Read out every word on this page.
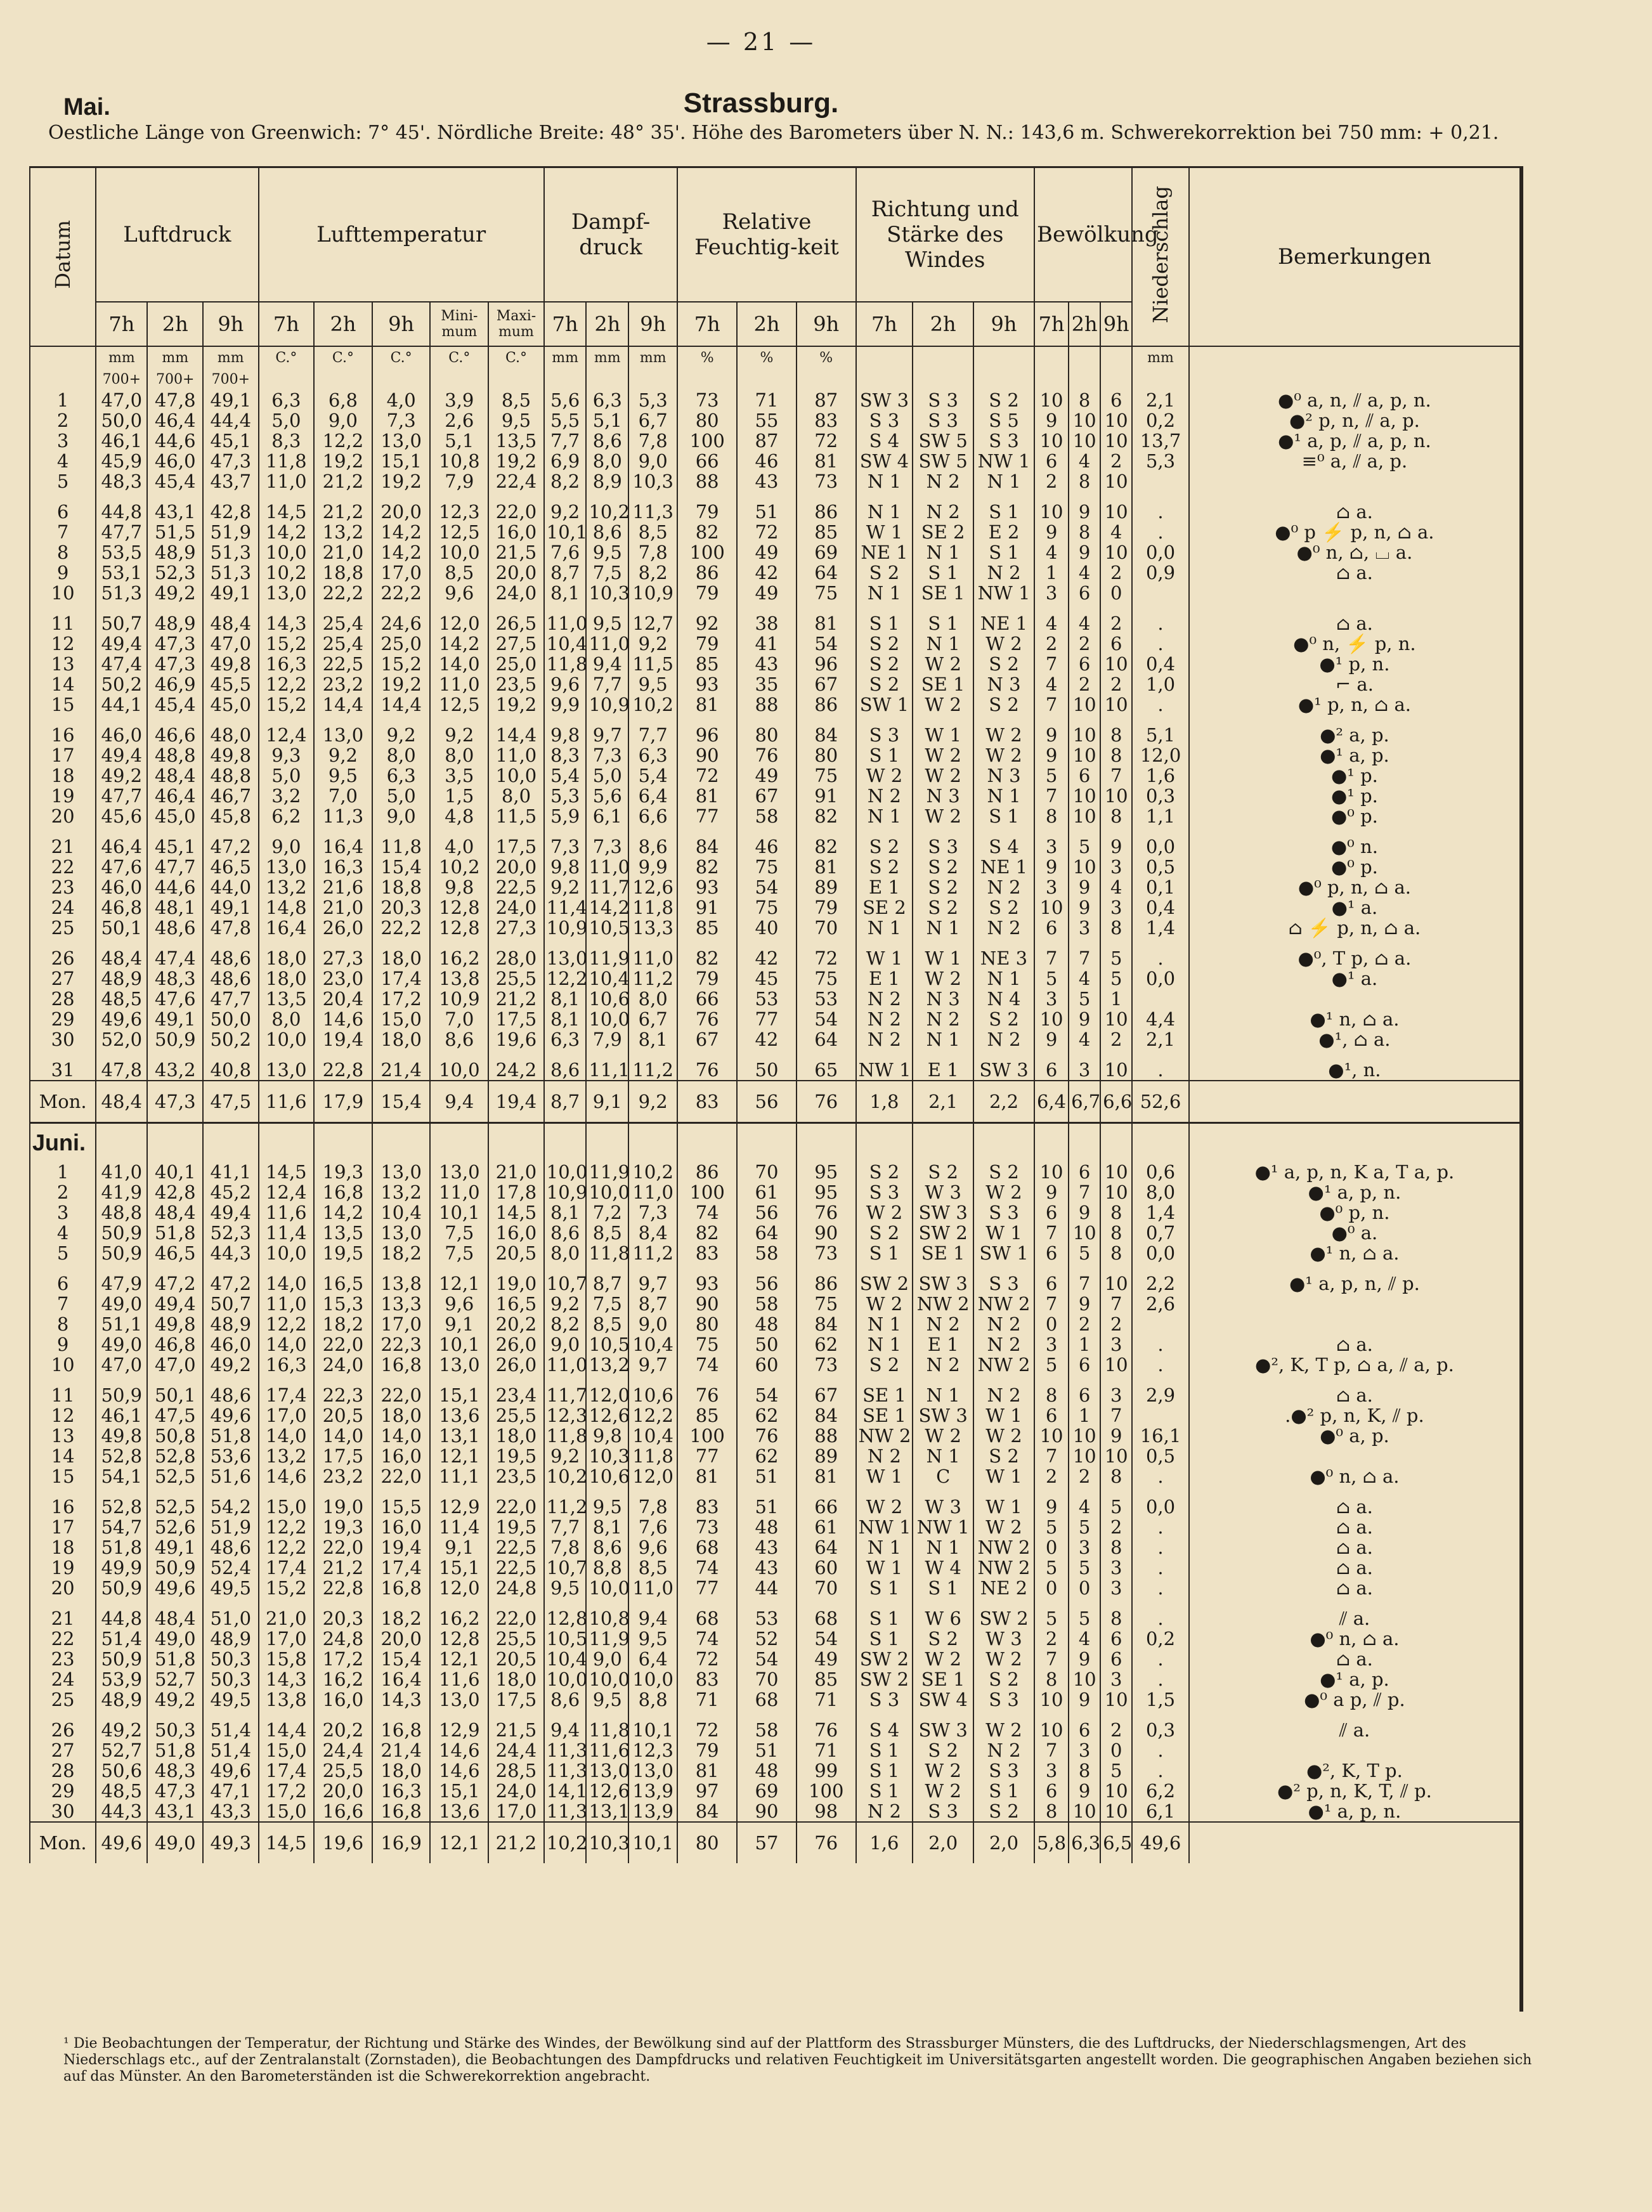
— 21 —
Mai.	Strassburg.
Oestliche Länge von Greenwich: 7° 45'. Nördliche Breite: 48° 35'. Höhe des Barometers über N. N.: 143,6 m. Schwerekorrektion bei 750 mm: + 0,21.
Datum	Luftdruck			Lufttemperatur					Dampf-druck			Relative Feuchtig-keit			Richtung und Stärke des Windes			Bewölkung			Niederschlag	Bemerkungen
	7h	2h	9h	7h	2h	9h	Mini-mum	Maxi-mum	7h	2h	9h	7h	2h	9h	7h	2h	9h	7h	2h	9h		
	mm	mm	mm	C.°	C.°	C.°	C.°	C.°	mm	mm	mm	%	%	%							mm	
	700+	700+	700+																			
1	47,0	47,8	49,1	6,3	6,8	4,0	3,9	8,5	5,6	6,3	5,3	73	71	87	SW 3	S 3	S 2	10	8	6	2,1	●⁰ a, n, ⫽ a, p, n.
2	50,0	46,4	44,4	5,0	9,0	7,3	2,6	9,5	5,5	5,1	6,7	80	55	83	S 3	S 3	S 5	9	10	10	0,2	●² p, n, ⫽ a, p.
3	46,1	44,6	45,1	8,3	12,2	13,0	5,1	13,5	7,7	8,6	7,8	100	87	72	S 4	SW 5	S 3	10	10	10	13,7	●¹ a, p, ⫽ a, p, n.
4	45,9	46,0	47,3	11,8	19,2	15,1	10,8	19,2	6,9	8,0	9,0	66	46	81	SW 4	SW 5	NW 1	6	4	2	5,3	≡⁰ a, ⫽ a, p.
5	48,3	45,4	43,7	11,0	21,2	19,2	7,9	22,4	8,2	8,9	10,3	88	43	73	N 1	N 2	N 1	2	8	10		

6	44,8	43,1	42,8	14,5	21,2	20,0	12,3	22,0	9,2	10,2	11,3	79	51	86	N 1	N 2	S 1	10	9	10	.	⌂ a.
7	47,7	51,5	51,9	14,2	13,2	14,2	12,5	16,0	10,1	8,6	8,5	82	72	85	W 1	SE 2	E 2	9	8	4	.	●⁰ p ⚡ p, n, ⌂ a.
8	53,5	48,9	51,3	10,0	21,0	14,2	10,0	21,5	7,6	9,5	7,8	100	49	69	NE 1	N 1	S 1	4	9	10	0,0	●⁰ n, ⌂, ⌴ a.
9	53,1	52,3	51,3	10,2	18,8	17,0	8,5	20,0	8,7	7,5	8,2	86	42	64	S 2	S 1	N 2	1	4	2	0,9	⌂ a.
10	51,3	49,2	49,1	13,0	22,2	22,2	9,6	24,0	8,1	10,3	10,9	79	49	75	N 1	SE 1	NW 1	3	6	0		

11	50,7	48,9	48,4	14,3	25,4	24,6	12,0	26,5	11,0	9,5	12,7	92	38	81	S 1	S 1	NE 1	4	4	2	.	⌂ a.
12	49,4	47,3	47,0	15,2	25,4	25,0	14,2	27,5	10,4	11,0	9,2	79	41	54	S 2	N 1	W 2	2	2	6	.	●⁰ n, ⚡ p, n.
13	47,4	47,3	49,8	16,3	22,5	15,2	14,0	25,0	11,8	9,4	11,5	85	43	96	S 2	W 2	S 2	7	6	10	0,4	●¹ p, n.
14	50,2	46,9	45,5	12,2	23,2	19,2	11,0	23,5	9,6	7,7	9,5	93	35	67	S 2	SE 1	N 3	4	2	2	1,0	⌐ a.
15	44,1	45,4	45,0	15,2	14,4	14,4	12,5	19,2	9,9	10,9	10,2	81	88	86	SW 1	W 2	S 2	7	10	10	.	●¹ p, n, ⌂ a.

16	46,0	46,6	48,0	12,4	13,0	9,2	9,2	14,4	9,8	9,7	7,7	96	80	84	S 3	W 1	W 2	9	10	8	5,1	●² a, p.
17	49,4	48,8	49,8	9,3	9,2	8,0	8,0	11,0	8,3	7,3	6,3	90	76	80	S 1	W 2	W 2	9	10	8	12,0	●¹ a, p.
18	49,2	48,4	48,8	5,0	9,5	6,3	3,5	10,0	5,4	5,0	5,4	72	49	75	W 2	W 2	N 3	5	6	7	1,6	●¹ p.
19	47,7	46,4	46,7	3,2	7,0	5,0	1,5	8,0	5,3	5,6	6,4	81	67	91	N 2	N 3	N 1	7	10	10	0,3	●¹ p.
20	45,6	45,0	45,8	6,2	11,3	9,0	4,8	11,5	5,9	6,1	6,6	77	58	82	N 1	W 2	S 1	8	10	8	1,1	●⁰ p.

21	46,4	45,1	47,2	9,0	16,4	11,8	4,0	17,5	7,3	7,3	8,6	84	46	82	S 2	S 3	S 4	3	5	9	0,0	●⁰ n.
22	47,6	47,7	46,5	13,0	16,3	15,4	10,2	20,0	9,8	11,0	9,9	82	75	81	S 2	S 2	NE 1	9	10	3	0,5	●⁰ p.
23	46,0	44,6	44,0	13,2	21,6	18,8	9,8	22,5	9,2	11,7	12,6	93	54	89	E 1	S 2	N 2	3	9	4	0,1	●⁰ p, n, ⌂ a.
24	46,8	48,1	49,1	14,8	21,0	20,3	12,8	24,0	11,4	14,2	11,8	91	75	79	SE 2	S 2	S 2	10	9	3	0,4	●¹ a.
25	50,1	48,6	47,8	16,4	26,0	22,2	12,8	27,3	10,9	10,5	13,3	85	40	70	N 1	N 1	N 2	6	3	8	1,4	⌂ ⚡ p, n, ⌂ a.

26	48,4	47,4	48,6	18,0	27,3	18,0	16,2	28,0	13,0	11,9	11,0	82	42	72	W 1	W 1	NE 3	7	7	5	.	●⁰, T p, ⌂ a.
27	48,9	48,3	48,6	18,0	23,0	17,4	13,8	25,5	12,2	10,4	11,2	79	45	75	E 1	W 2	N 1	5	4	5	0,0	●¹ a.
28	48,5	47,6	47,7	13,5	20,4	17,2	10,9	21,2	8,1	10,6	8,0	66	53	53	N 2	N 3	N 4	3	5	1		
29	49,6	49,1	50,0	8,0	14,6	15,0	7,0	17,5	8,1	10,0	6,7	76	77	54	N 2	N 2	S 2	10	9	10	4,4	●¹ n, ⌂ a.
30	52,0	50,9	50,2	10,0	19,4	18,0	8,6	19,6	6,3	7,9	8,1	67	42	64	N 2	N 1	N 2	9	4	2	2,1	●¹, ⌂ a.

31	47,8	43,2	40,8	13,0	22,8	21,4	10,0	24,2	8,6	11,1	11,2	76	50	65	NW 1	E 1	SW 3	6	3	10	.	●¹, n.
Mon.	48,4	47,3	47,5	11,6	17,9	15,4	9,4	19,4	8,7	9,1	9,2	83	56	76	1,8	2,1	2,2	6,4	6,7	6,6	52,6	
Juni.																						
1	41,0	40,1	41,1	14,5	19,3	13,0	13,0	21,0	10,0	11,9	10,2	86	70	95	S 2	S 2	S 2	10	6	10	0,6	●¹ a, p, n, K a, T a, p.
2	41,9	42,8	45,2	12,4	16,8	13,2	11,0	17,8	10,9	10,0	11,0	100	61	95	S 3	W 3	W 2	9	7	10	8,0	●¹ a, p, n.
3	48,8	48,4	49,4	11,6	14,2	10,4	10,1	14,5	8,1	7,2	7,3	74	56	76	W 2	SW 3	S 3	6	9	8	1,4	●⁰ p, n.
4	50,9	51,8	52,3	11,4	13,5	13,0	7,5	16,0	8,6	8,5	8,4	82	64	90	S 2	SW 2	W 1	7	10	8	0,7	●⁰ a.
5	50,9	46,5	44,3	10,0	19,5	18,2	7,5	20,5	8,0	11,8	11,2	83	58	73	S 1	SE 1	SW 1	6	5	8	0,0	●¹ n, ⌂ a.

6	47,9	47,2	47,2	14,0	16,5	13,8	12,1	19,0	10,7	8,7	9,7	93	56	86	SW 2	SW 3	S 3	6	7	10	2,2	●¹ a, p, n, ⫽ p.
7	49,0	49,4	50,7	11,0	15,3	13,3	9,6	16,5	9,2	7,5	8,7	90	58	75	W 2	NW 2	NW 2	7	9	7	2,6	
8	51,1	49,8	48,9	12,2	18,2	17,0	9,1	20,2	8,2	8,5	9,0	80	48	84	N 1	N 2	N 2	0	2	2		
9	49,0	46,8	46,0	14,0	22,0	22,3	10,1	26,0	9,0	10,5	10,4	75	50	62	N 1	E 1	N 2	3	1	3	.	⌂ a.
10	47,0	47,0	49,2	16,3	24,0	16,8	13,0	26,0	11,0	13,2	9,7	74	60	73	S 2	N 2	NW 2	5	6	10	.	●², K, T p, ⌂ a, ⫽ a, p.

11	50,9	50,1	48,6	17,4	22,3	22,0	15,1	23,4	11,7	12,0	10,6	76	54	67	SE 1	N 1	N 2	8	6	3	2,9	⌂ a.
12	46,1	47,5	49,6	17,0	20,5	18,0	13,6	25,5	12,3	12,6	12,2	85	62	84	SE 1	SW 3	W 1	6	1	7		.●² p, n, K, ⫽ p.
13	49,8	50,8	51,8	14,0	14,0	14,0	13,1	18,0	11,8	9,8	10,4	100	76	88	NW 2	W 2	W 2	10	10	9	16,1	●⁰ a, p.
14	52,8	52,8	53,6	13,2	17,5	16,0	12,1	19,5	9,2	10,3	11,8	77	62	89	N 2	N 1	S 2	7	10	10	0,5	
15	54,1	52,5	51,6	14,6	23,2	22,0	11,1	23,5	10,2	10,6	12,0	81	51	81	W 1	C	W 1	2	2	8	.	●⁰ n, ⌂ a.

16	52,8	52,5	54,2	15,0	19,0	15,5	12,9	22,0	11,2	9,5	7,8	83	51	66	W 2	W 3	W 1	9	4	5	0,0	⌂ a.
17	54,7	52,6	51,9	12,2	19,3	16,0	11,4	19,5	7,7	8,1	7,6	73	48	61	NW 1	NW 1	W 2	5	5	2	.	⌂ a.
18	51,8	49,1	48,6	12,2	22,0	19,4	9,1	22,5	7,8	8,6	9,6	68	43	64	N 1	N 1	NW 2	0	3	8	.	⌂ a.
19	49,9	50,9	52,4	17,4	21,2	17,4	15,1	22,5	10,7	8,8	8,5	74	43	60	W 1	W 4	NW 2	5	5	3	.	⌂ a.
20	50,9	49,6	49,5	15,2	22,8	16,8	12,0	24,8	9,5	10,0	11,0	77	44	70	S 1	S 1	NE 2	0	0	3	.	⌂ a.

21	44,8	48,4	51,0	21,0	20,3	18,2	16,2	22,0	12,8	10,8	9,4	68	53	68	S 1	W 6	SW 2	5	5	8	.	⫽ a.
22	51,4	49,0	48,9	17,0	24,8	20,0	12,8	25,5	10,5	11,9	9,5	74	52	54	S 1	S 2	W 3	2	4	6	0,2	●⁰ n, ⌂ a.
23	50,9	51,8	50,3	15,8	17,2	15,4	12,1	20,5	10,4	9,0	6,4	72	54	49	SW 2	W 2	W 2	7	9	6	.	⌂ a.
24	53,9	52,7	50,3	14,3	16,2	16,4	11,6	18,0	10,0	10,0	10,0	83	70	85	SW 2	SE 1	S 2	8	10	3	.	●¹ a, p.
25	48,9	49,2	49,5	13,8	16,0	14,3	13,0	17,5	8,6	9,5	8,8	71	68	71	S 3	SW 4	S 3	10	9	10	1,5	●⁰ a p, ⫽ p.

26	49,2	50,3	51,4	14,4	20,2	16,8	12,9	21,5	9,4	11,8	10,1	72	58	76	S 4	SW 3	W 2	10	6	2	0,3	⫽ a.
27	52,7	51,8	51,4	15,0	24,4	21,4	14,6	24,4	11,3	11,6	12,3	79	51	71	S 1	S 2	N 2	7	3	0	.	
28	50,6	48,3	49,6	17,4	25,5	18,0	14,6	28,5	11,3	13,0	13,0	81	48	99	S 1	W 2	S 3	3	8	5	.	●², K, T p.
29	48,5	47,3	47,1	17,2	20,0	16,3	15,1	24,0	14,1	12,6	13,9	97	69	100	S 1	W 2	S 1	6	9	10	6,2	●² p, n, K, T, ⫽ p.
30	44,3	43,1	43,3	15,0	16,6	16,8	13,6	17,0	11,3	13,1	13,9	84	90	98	N 2	S 3	S 2	8	10	10	6,1	●¹ a, p, n.
Mon.	49,6	49,0	49,3	14,5	19,6	16,9	12,1	21,2	10,2	10,3	10,1	80	57	76	1,6	2,0	2,0	5,8	6,3	6,5	49,6	
¹ Die Beobachtungen der Temperatur, der Richtung und Stärke des Windes, der Bewölkung sind auf der Plattform des Strassburger Münsters, die des Luftdrucks, der Niederschlagsmengen, Art des Niederschlags etc., auf der Zentralanstalt (Zornstaden), die Beobachtungen des Dampfdrucks und relativen Feuchtigkeit im Universitätsgarten angestellt worden. Die geographischen Angaben beziehen sich auf das Münster. An den Barometerständen ist die Schwerekorrektion angebracht.
